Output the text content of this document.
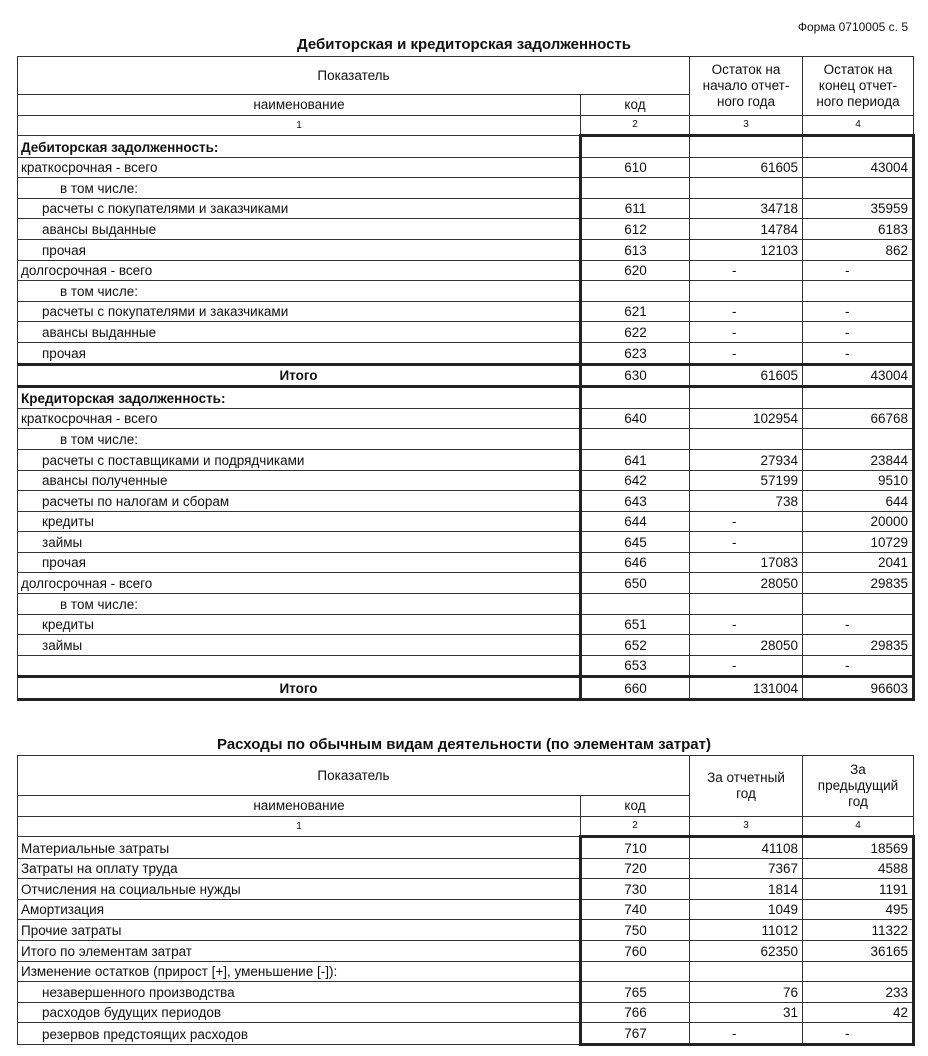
Форма 0710005 с. 5
Дебиторская и кредиторская задолженность
Показатель		Остаток на начало отчет-ного года	Остаток на конец отчет-ного периода
наименование	код		
1	2	3	4
Дебиторская задолженность:			
краткосрочная - всего	610	61605	43004
в том числе:			
расчеты с покупателями и заказчиками	611	34718	35959
авансы выданные	612	14784	6183
прочая	613	12103	862
долгосрочная - всего	620	-	-
в том числе:			
расчеты с покупателями и заказчиками	621	-	-
авансы выданные	622	-	-
прочая	623	-	-
Итого	630	61605	43004
Кредиторская задолженность:			
краткосрочная - всего	640	102954	66768
в том числе:			
расчеты с поставщиками и подрядчиками	641	27934	23844
авансы полученные	642	57199	9510
расчеты по налогам и сборам	643	738	644
кредиты	644	-	20000
займы	645	-	10729
прочая	646	17083	2041
долгосрочная - всего	650	28050	29835
в том числе:			
кредиты	651	-	-
займы	652	28050	29835
	653	-	-
Итого	660	131004	96603
Расходы по обычным видам деятельности (по элементам затрат)
Показатель		За отчетный год	За предыдущий год
наименование	код		
1	2	3	4
Материальные затраты	710	41108	18569
Затраты на оплату труда	720	7367	4588
Отчисления на социальные нужды	730	1814	1191
Амортизация	740	1049	495
Прочие затраты	750	11012	11322
Итого по элементам затрат	760	62350	36165
Изменение остатков (прирост [+], уменьшение [-]):			
незавершенного производства	765	76	233
расходов будущих периодов	766	31	42
резервов предстоящих расходов	767	-	-
